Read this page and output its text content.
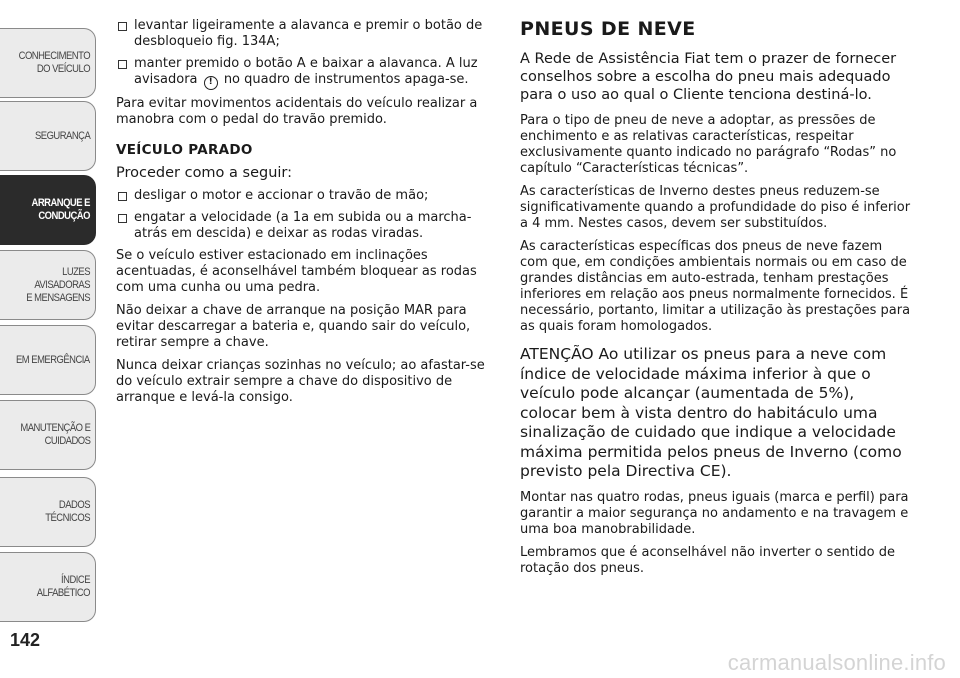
CONHECIMENTO
DO VEÍCULO
SEGURANÇA
ARRANQUE E
CONDUÇÃO
LUZES AVISADORAS
E MENSAGENS
EM EMERGÊNCIA
MANUTENÇÃO E
CUIDADOS
DADOS TÉCNICOS
ÍNDICE ALFABÉTICO
142

levantar ligeiramente a alavanca e premir o botão de desbloqueio fig. 134A;

manter premido o botão A e baixar a alavanca. A luz avisadora ! no quadro de instrumentos apaga-se.

Para evitar movimentos acidentais do veículo realizar a manobra com o pedal do travão premido.

VEÍCULO PARADO

Proceder como a seguir:

desligar o motor e accionar o travão de mão;

engatar a velocidade (a 1a em subida ou a marcha-atrás em descida) e deixar as rodas viradas.

Se o veículo estiver estacionado em inclinações acentuadas, é aconselhável também bloquear as rodas com uma cunha ou uma pedra.

Não deixar a chave de arranque na posição MAR para evitar descarregar a bateria e, quando sair do veículo, retirar sempre a chave.

Nunca deixar crianças sozinhas no veículo; ao afastar-se do veículo extrair sempre a chave do dispositivo de arranque e levá-la consigo.

PNEUS DE NEVE

A Rede de Assistência Fiat tem o prazer de fornecer conselhos sobre a escolha do pneu mais adequado para o uso ao qual o Cliente tenciona destiná-lo.

Para o tipo de pneu de neve a adoptar, as pressões de enchimento e as relativas características, respeitar exclusivamente quanto indicado no parágrafo “Rodas” no capítulo “Características técnicas”.

As características de Inverno destes pneus reduzem-se significativamente quando a profundidade do piso é inferior a 4 mm. Nestes casos, devem ser substituídos.

As características específicas dos pneus de neve fazem com que, em condições ambientais normais ou em caso de grandes distâncias em auto-estrada, tenham prestações inferiores em relação aos pneus normalmente fornecidos. É necessário, portanto, limitar a utilização às prestações para as quais foram homologados.

ATENÇÃO Ao utilizar os pneus para a neve com índice de velocidade máxima inferior à que o veículo pode alcançar (aumentada de 5%), colocar bem à vista dentro do habitáculo uma sinalização de cuidado que indique a velocidade máxima permitida pelos pneus de Inverno (como previsto pela Directiva CE).

Montar nas quatro rodas, pneus iguais (marca e perfil) para garantir a maior segurança no andamento e na travagem e uma boa manobrabilidade.

Lembramos que é aconselhável não inverter o sentido de rotação dos pneus.

carmanualsonline.info
